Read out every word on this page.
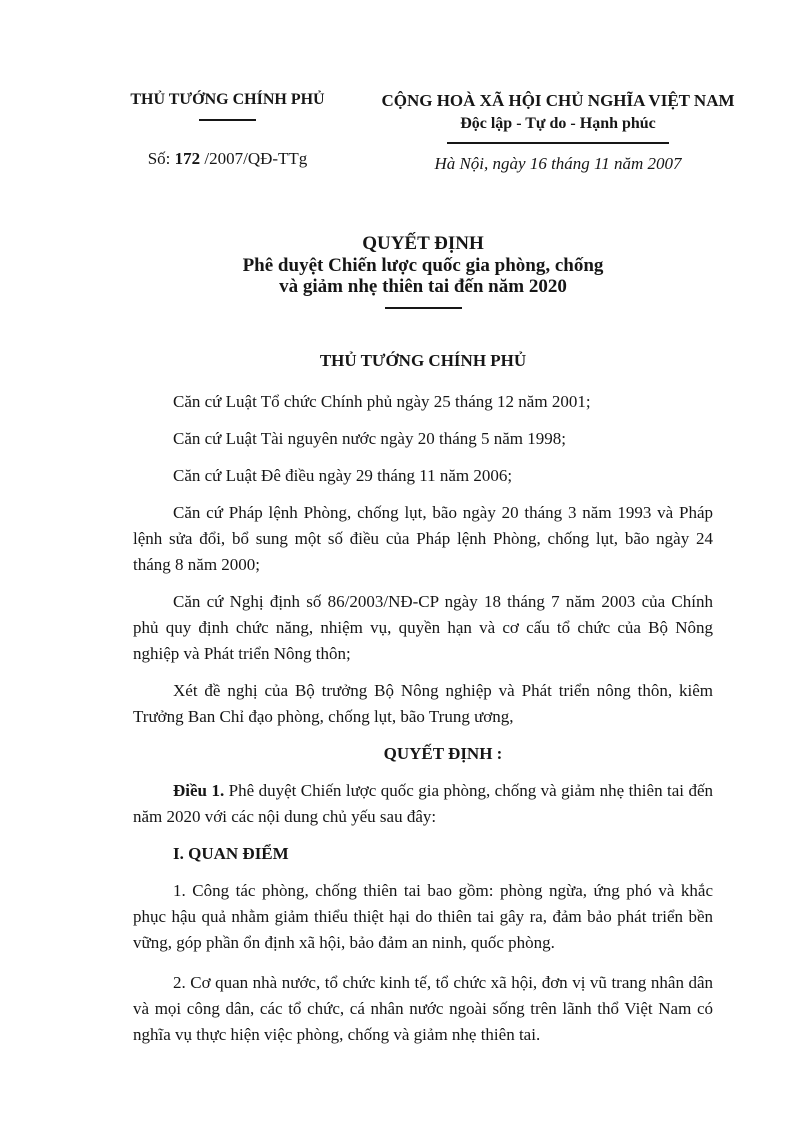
THỦ TƯỚNG CHÍNH PHỦ
Số: 172 /2007/QĐ-TTg
CỘNG HOÀ XÃ HỘI CHỦ NGHĨA VIỆT NAM
Độc lập - Tự do - Hạnh phúc
Hà Nội, ngày 16 tháng 11 năm 2007
QUYẾT ĐỊNH
Phê duyệt Chiến lược quốc gia phòng, chống
và giảm nhẹ thiên tai đến năm 2020
THỦ TƯỚNG CHÍNH PHỦ

Căn cứ Luật Tổ chức Chính phủ ngày 25 tháng 12 năm 2001;

Căn cứ Luật Tài nguyên nước ngày 20 tháng 5 năm 1998;

Căn cứ Luật Đê điều ngày 29 tháng 11 năm 2006;

Căn cứ Pháp lệnh Phòng, chống lụt, bão ngày 20 tháng 3 năm 1993 và Pháp lệnh sửa đổi, bổ sung một số điều của Pháp lệnh Phòng, chống lụt, bão ngày 24 tháng 8 năm 2000;

Căn cứ Nghị định số 86/2003/NĐ-CP ngày 18 tháng 7 năm 2003 của Chính phủ quy định chức năng, nhiệm vụ, quyền hạn và cơ cấu tổ chức của Bộ Nông nghiệp và Phát triển Nông thôn;

Xét đề nghị của Bộ trưởng Bộ Nông nghiệp và Phát triển nông thôn, kiêm Trưởng Ban Chỉ đạo phòng, chống lụt, bão Trung ương,

QUYẾT ĐỊNH :

Điều 1. Phê duyệt Chiến lược quốc gia phòng, chống và giảm nhẹ thiên tai đến năm 2020 với các nội dung chủ yếu sau đây:

I. QUAN ĐIỂM

1. Công tác phòng, chống thiên tai bao gồm: phòng ngừa, ứng phó và khắc phục hậu quả nhằm giảm thiểu thiệt hại do thiên tai gây ra, đảm bảo phát triển bền vững, góp phần ổn định xã hội, bảo đảm an ninh, quốc phòng.

2. Cơ quan nhà nước, tổ chức kinh tế, tổ chức xã hội, đơn vị vũ trang nhân dân và mọi công dân, các tổ chức, cá nhân nước ngoài sống trên lãnh thổ Việt Nam có nghĩa vụ thực hiện việc phòng, chống và giảm nhẹ thiên tai.
